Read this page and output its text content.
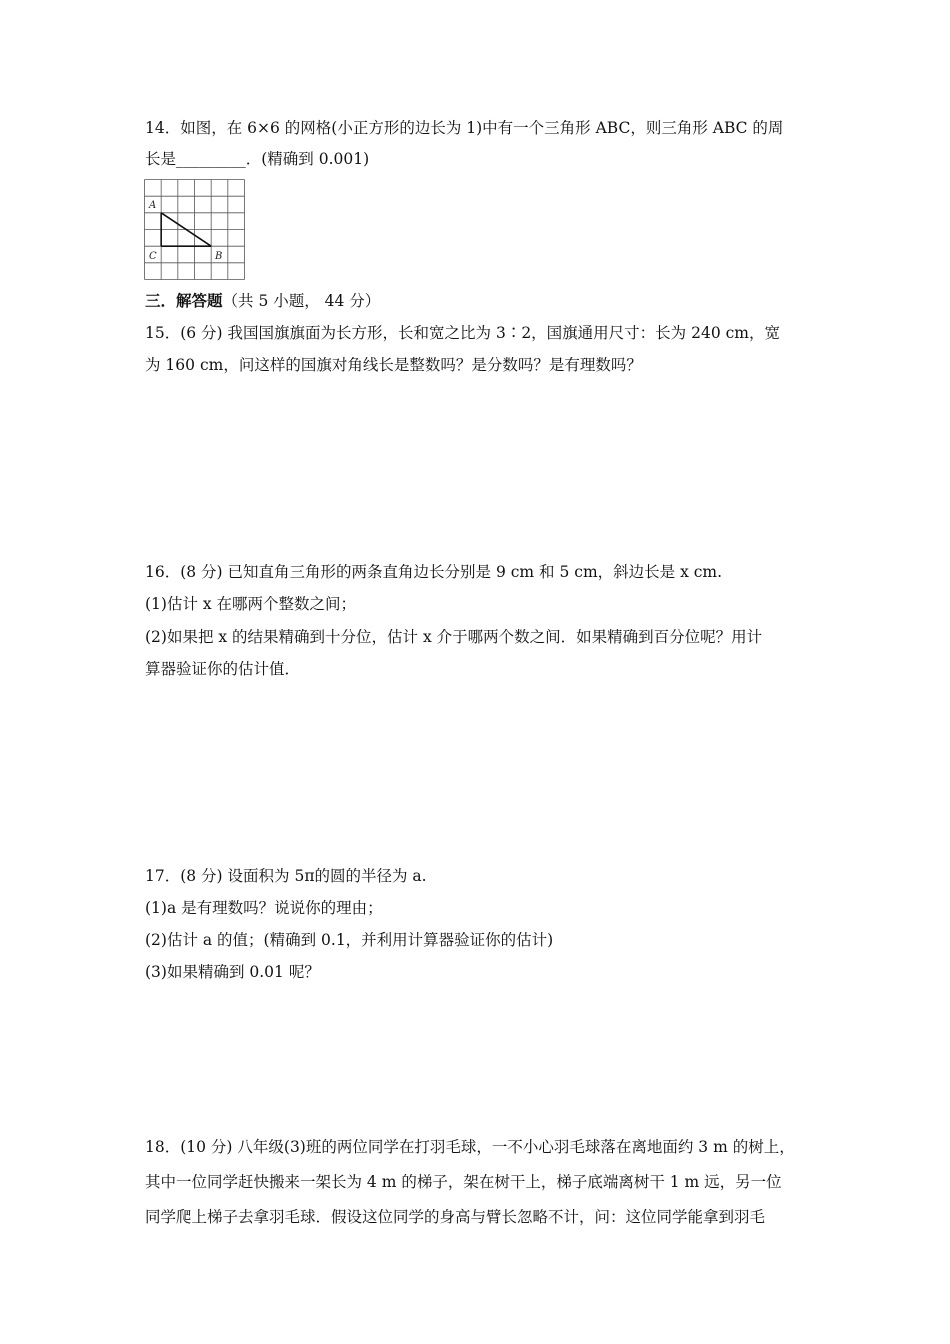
14．如图，在 6×6 的网格(小正方形的边长为 1)中有一个三角形 ABC，则三角形 ABC 的周
长是_________．(精确到 0.001)
A
C	B
三．解答题（共 5 小题， 44 分）
15．(6 分) 我国国旗旗面为长方形，长和宽之比为 3∶2，国旗通用尺寸：长为 240 cm，宽
为 160 cm，问这样的国旗对角线长是整数吗？是分数吗？是有理数吗？
16．(8 分) 已知直角三角形的两条直角边长分别是 9 cm 和 5 cm，斜边长是 x cm.
(1)估计 x 在哪两个整数之间；
(2)如果把 x 的结果精确到十分位，估计 x 介于哪两个数之间．如果精确到百分位呢？用计
算器验证你的估计值．
17．(8 分) 设面积为 5π的圆的半径为 a.
(1)a 是有理数吗？说说你的理由；
(2)估计 a 的值；(精确到 0.1，并利用计算器验证你的估计)
(3)如果精确到 0.01 呢？
18．(10 分) 八年级(3)班的两位同学在打羽毛球，一不小心羽毛球落在离地面约 3 m 的树上，
其中一位同学赶快搬来一架长为 4 m 的梯子，架在树干上，梯子底端离树干 1 m 远，另一位
同学爬上梯子去拿羽毛球．假设这位同学的身高与臂长忽略不计，问：这位同学能拿到羽毛
